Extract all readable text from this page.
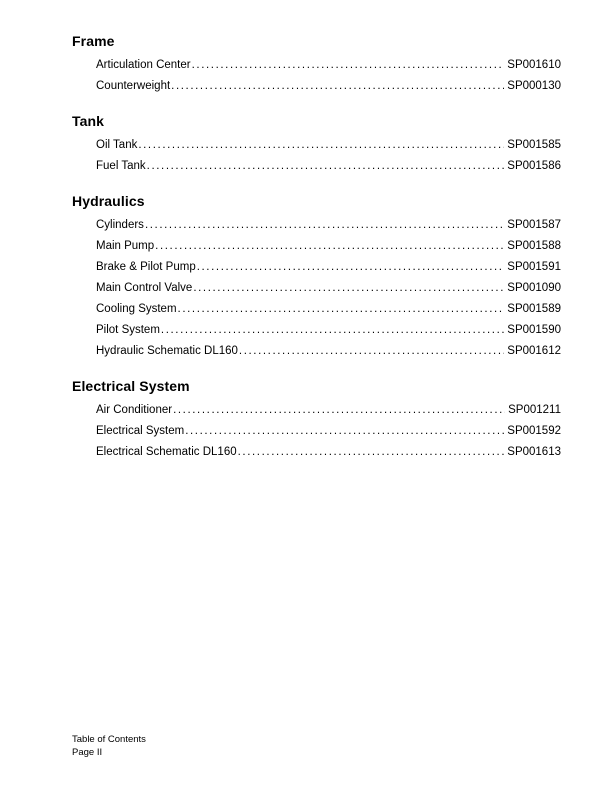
Frame
Articulation Center .....	SP001610
Counterweight .....	SP000130
Tank
Oil Tank .....	SP001585
Fuel Tank .....	SP001586
Hydraulics
Cylinders .....	SP001587
Main Pump .....	SP001588
Brake & Pilot Pump .....	SP001591
Main Control Valve .....	SP001090
Cooling System .....	SP001589
Pilot System .....	SP001590
Hydraulic Schematic DL160 .....	SP001612
Electrical System
Air Conditioner .....	SP001211
Electrical System .....	SP001592
Electrical Schematic DL160 .....	SP001613
Table of Contents
Page II
